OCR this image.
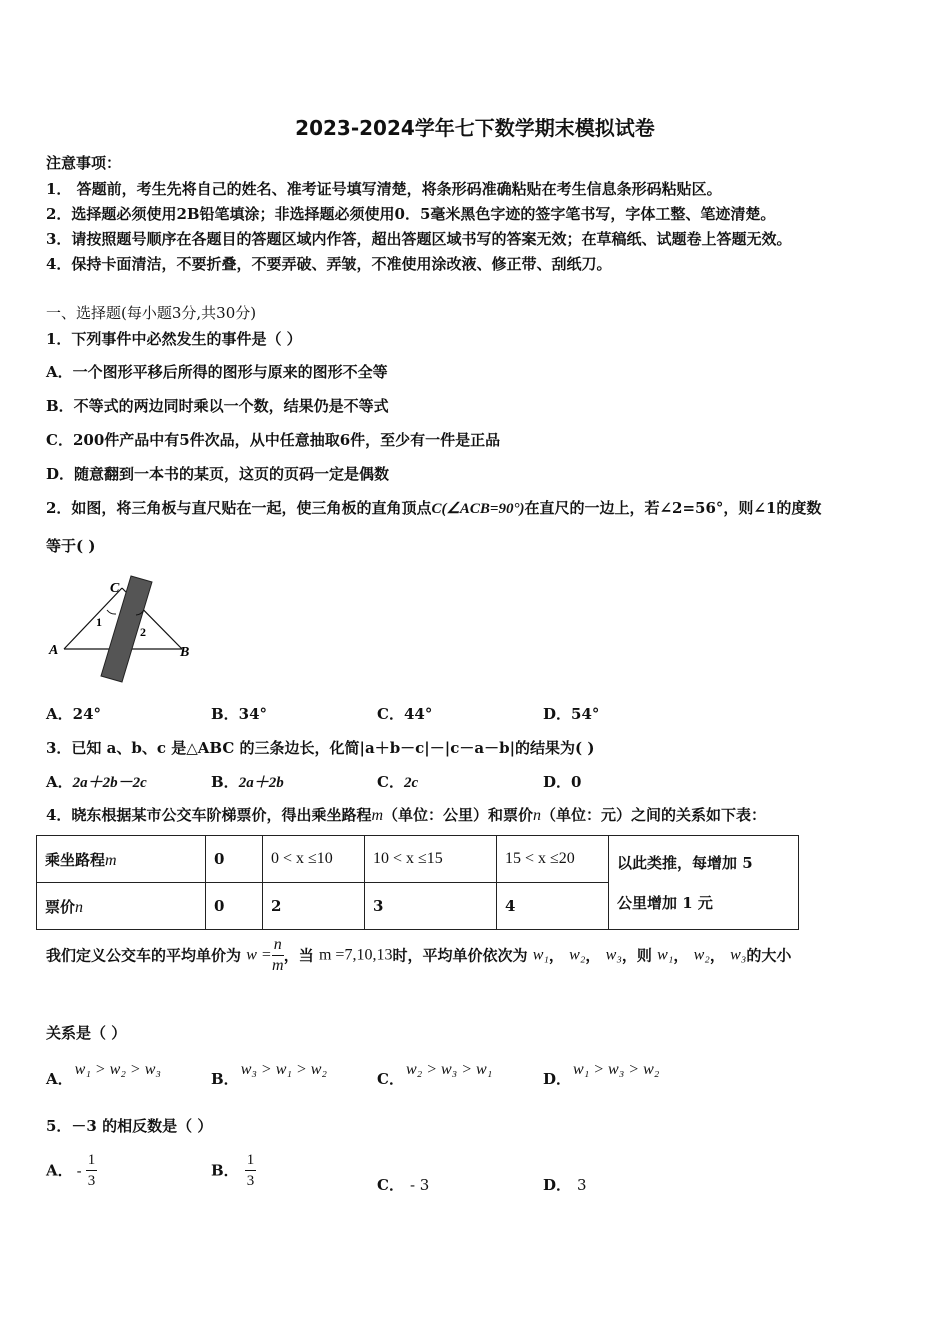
2023-2024学年七下数学期末模拟试卷
注意事项：
1． 答题前，考生先将自己的姓名、准考证号填写清楚，将条形码准确粘贴在考生信息条形码粘贴区。
2．选择题必须使用2B铅笔填涂；非选择题必须使用0．5毫米黑色字迹的签字笔书写，字体工整、笔迹清楚。
3．请按照题号顺序在各题目的答题区域内作答，超出答题区域书写的答案无效；在草稿纸、试题卷上答题无效。
4．保持卡面清洁，不要折叠，不要弄破、弄皱，不准使用涂改液、修正带、刮纸刀。
一、选择题(每小题3分,共30分)
1．下列事件中必然发生的事件是（ ）
A．一个图形平移后所得的图形与原来的图形不全等
B．不等式的两边同时乘以一个数，结果仍是不等式
C．200件产品中有5件次品，从中任意抽取6件，至少有一件是正品
D．随意翻到一本书的某页，这页的页码一定是偶数
2．如图，将三角板与直尺贴在一起，使三角板的直角顶点C(∠ACB=90°)在直尺的一边上，若∠2=56°，则∠1的度数
等于( )
A	B
C
1
2
A．24°	B．34°	C．44°	D．54°
3．已知 a、b、c 是△ABC 的三条边长，化简|a＋b－c|－|c－a－b|的结果为( )
A．2a＋2b－2c	B．2a＋2b	C．2c	D．0
4．晓东根据某市公交车阶梯票价，得出乘坐路程m（单位：公里）和票价n（单位：元）之间的关系如下表：
乘坐路程m	0	0 < x ≤10	10 < x ≤15	15 < x ≤20	以此类推，每增加 5
公里增加 1 元
票价n	0	2	3	4	
我们定义公交车的平均单价为 $w = \frac{n}{m}$ ，当 m =7,10,13时，平均单价依次为 w₁， w₂， w₃，则 w₁， w₂， w₃的大小
关系是（ ）
A．w₁ > w₂ > w₃
B．w₃ > w₁ > w₂
C．w₂ > w₃ > w₁
D．w₁ > w₃ > w₂
5．－3 的相反数是（ ）
A． - $\frac{1}{3}$	B． $\frac{1}{3}$	C． - 3	D． 3
